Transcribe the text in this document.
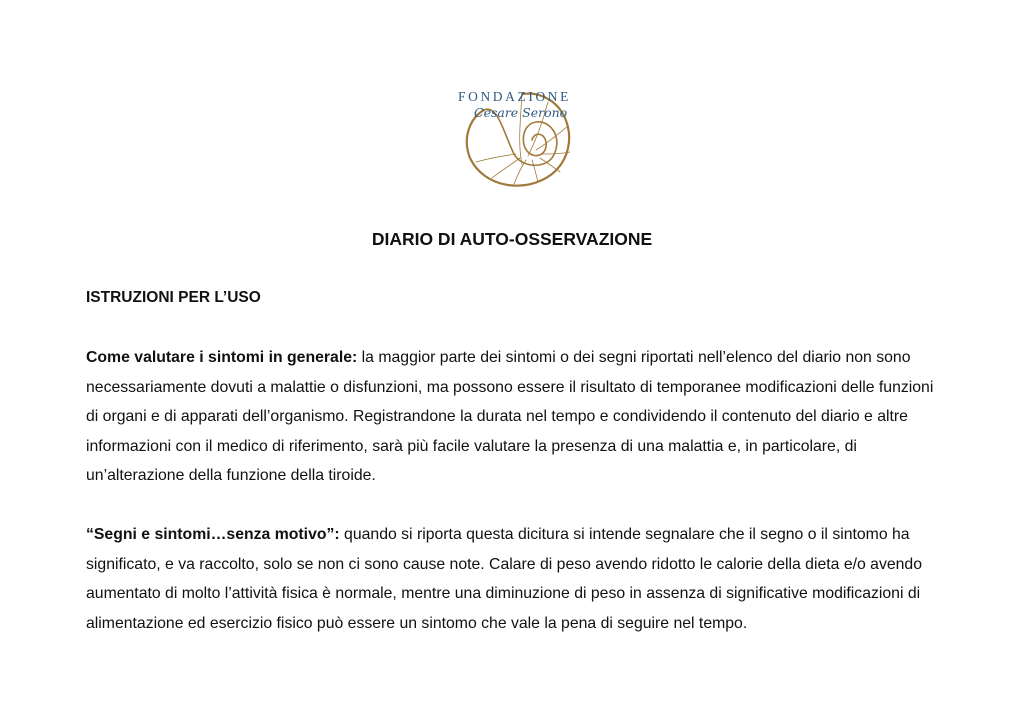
FONDAZIONE
Cesare Serono
DIARIO DI AUTO-OSSERVAZIONE
ISTRUZIONI PER L’USO

Come valutare i sintomi in generale: la maggior parte dei sintomi o dei segni riportati nell’elenco del diario non sono necessariamente dovuti a malattie o disfunzioni, ma possono essere il risultato di temporanee modificazioni delle funzioni di organi e di apparati dell’organismo. Registrandone la durata nel tempo e condividendo il contenuto del diario e altre informazioni con il medico di riferimento, sarà più facile valutare la presenza di una malattia e, in particolare, di un’alterazione della funzione della tiroide.

“Segni e sintomi…senza motivo”: quando si riporta questa dicitura si intende segnalare che il segno o il sintomo ha significato, e va raccolto, solo se non ci sono cause note. Calare di peso avendo ridotto le calorie della dieta e/o avendo aumentato di molto l’attività fisica è normale, mentre una diminuzione di peso in assenza di significative modificazioni di alimentazione ed esercizio fisico può essere un sintomo che vale la pena di seguire nel tempo.
